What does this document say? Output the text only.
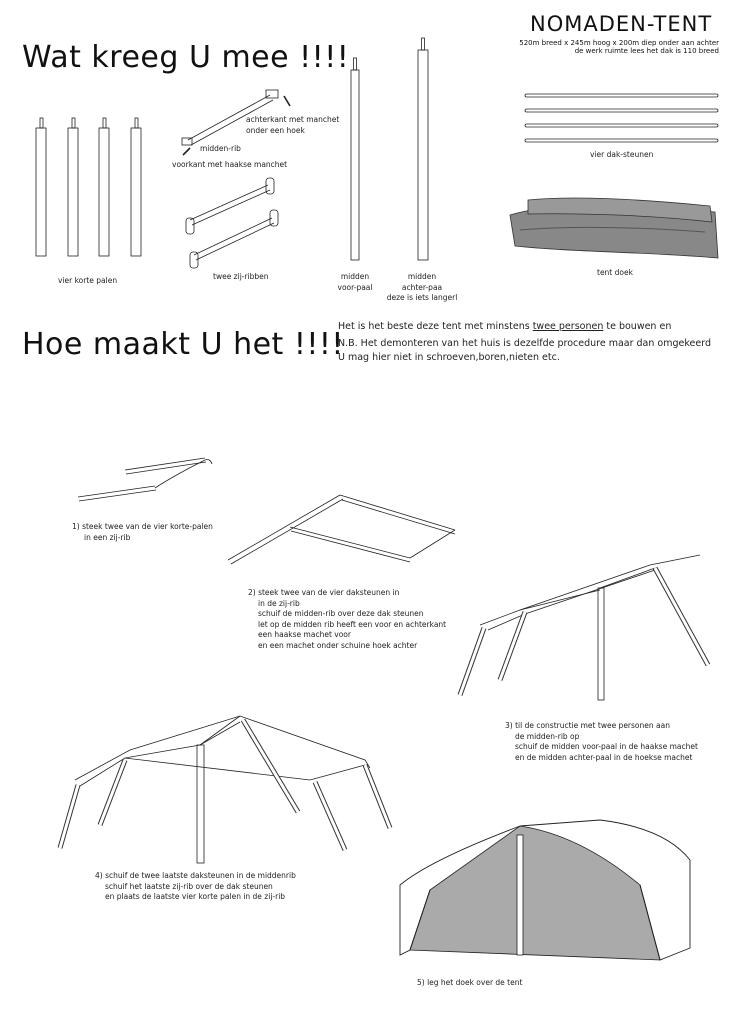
NOMADEN-TENT
520m breed x 245m hoog x 200m diep onder aan achter
de werk ruimte lees het dak is 110 breed
Wat kreeg U mee !!!!
vier korte palen
achterkant met manchet
onder een hoek
midden-rib
voorkant met haakse manchet
twee zij-ribben	midden
voor-paal
midden
achter-paa
deze is iets langerl
vier dak-steunen
tent doek
Hoe maakt U het !!!!
Het is het beste deze tent met minstens twee personen te bouwen en
N.B. Het demonteren van het huis is dezelfde procedure maar dan omgekeerd
U mag hier niet in schroeven,boren,nieten etc.
1) steek twee van de vier korte-palen
in een zij-rib
2) steek twee van de vier daksteunen in
in de zij-rib
schuif de midden-rib over deze dak steunen
let op de midden rib heeft een voor en achterkant
een haakse machet voor
en een machet onder schuine hoek achter
3) til de constructie met twee personen aan
de midden-rib op
schuif de midden voor-paal in de haakse machet
en de midden achter-paal in de hoekse machet
4) schuif de twee laatste daksteunen in de middenrib
schuif het laatste zij-rib over de dak steunen
en plaats de laatste vier korte palen in de zij-rib
5) leg het doek over de tent
